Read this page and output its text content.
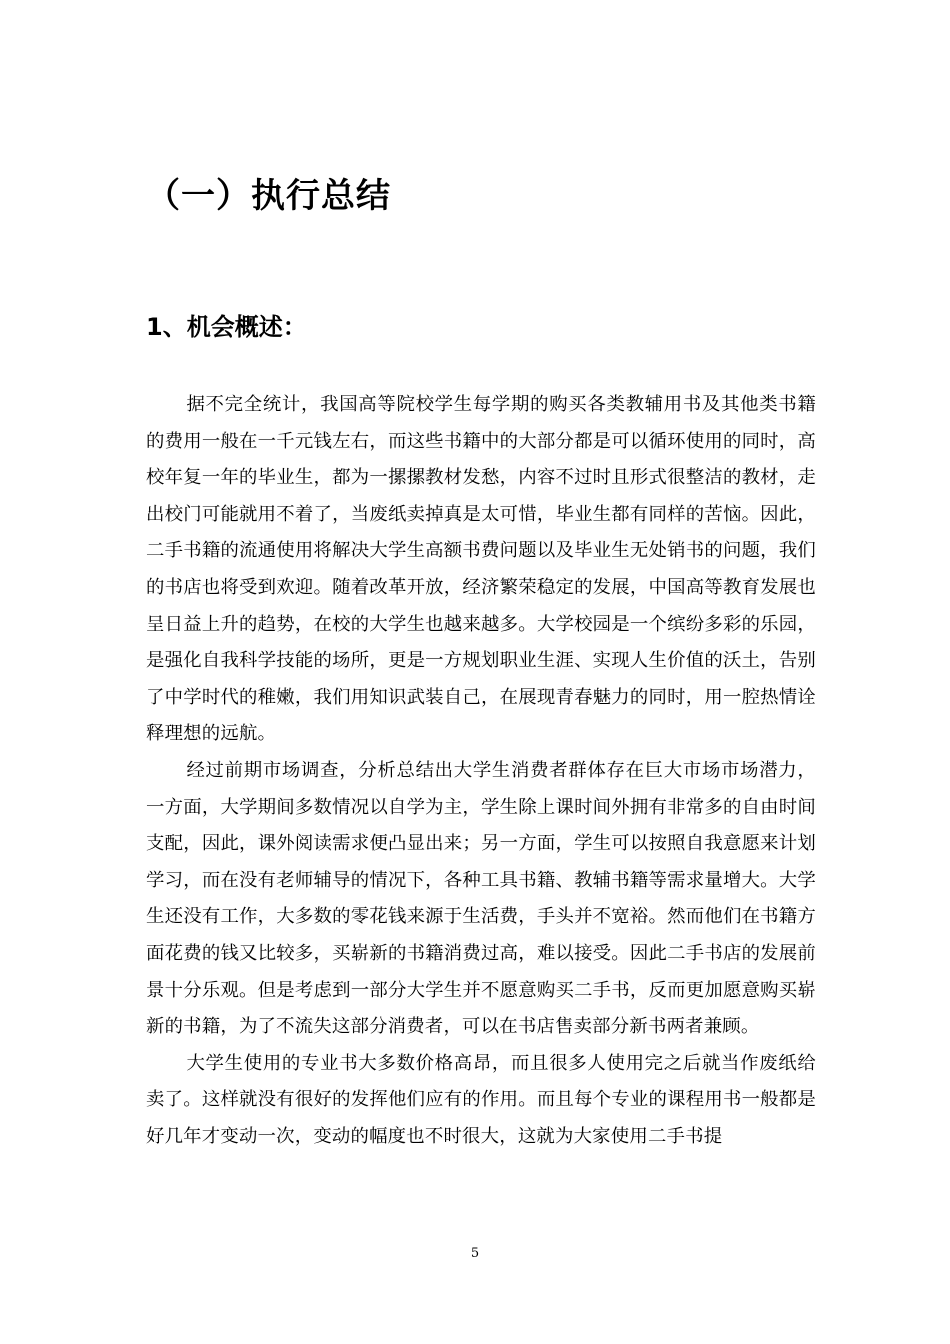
（一）执行总结
1、机会概述：

据不完全统计，我国高等院校学生每学期的购买各类教辅用书及其他类书籍的费用一般在一千元钱左右，而这些书籍中的大部分都是可以循环使用的同时，高校年复一年的毕业生，都为一摞摞教材发愁，内容不过时且形式很整洁的教材，走出校门可能就用不着了，当废纸卖掉真是太可惜，毕业生都有同样的苦恼。因此，二手书籍的流通使用将解决大学生高额书费问题以及毕业生无处销书的问题，我们的书店也将受到欢迎。随着改革开放，经济繁荣稳定的发展，中国高等教育发展也呈日益上升的趋势，在校的大学生也越来越多。大学校园是一个缤纷多彩的乐园，是强化自我科学技能的场所，更是一方规划职业生涯、实现人生价值的沃土，告别了中学时代的稚嫩，我们用知识武装自己，在展现青春魅力的同时，用一腔热情诠释理想的远航。

经过前期市场调查，分析总结出大学生消费者群体存在巨大市场市场潜力，一方面，大学期间多数情况以自学为主，学生除上课时间外拥有非常多的自由时间支配，因此，课外阅读需求便凸显出来；另一方面，学生可以按照自我意愿来计划学习，而在没有老师辅导的情况下，各种工具书籍、教辅书籍等需求量增大。大学生还没有工作，大多数的零花钱来源于生活费，手头并不宽裕。然而他们在书籍方面花费的钱又比较多，买崭新的书籍消费过高，难以接受。因此二手书店的发展前景十分乐观。但是考虑到一部分大学生并不愿意购买二手书，反而更加愿意购买崭新的书籍，为了不流失这部分消费者，可以在书店售卖部分新书两者兼顾。

大学生使用的专业书大多数价格高昂，而且很多人使用完之后就当作废纸给卖了。这样就没有很好的发挥他们应有的作用。而且每个专业的课程用书一般都是好几年才变动一次，变动的幅度也不时很大，这就为大家使用二手书提

5
